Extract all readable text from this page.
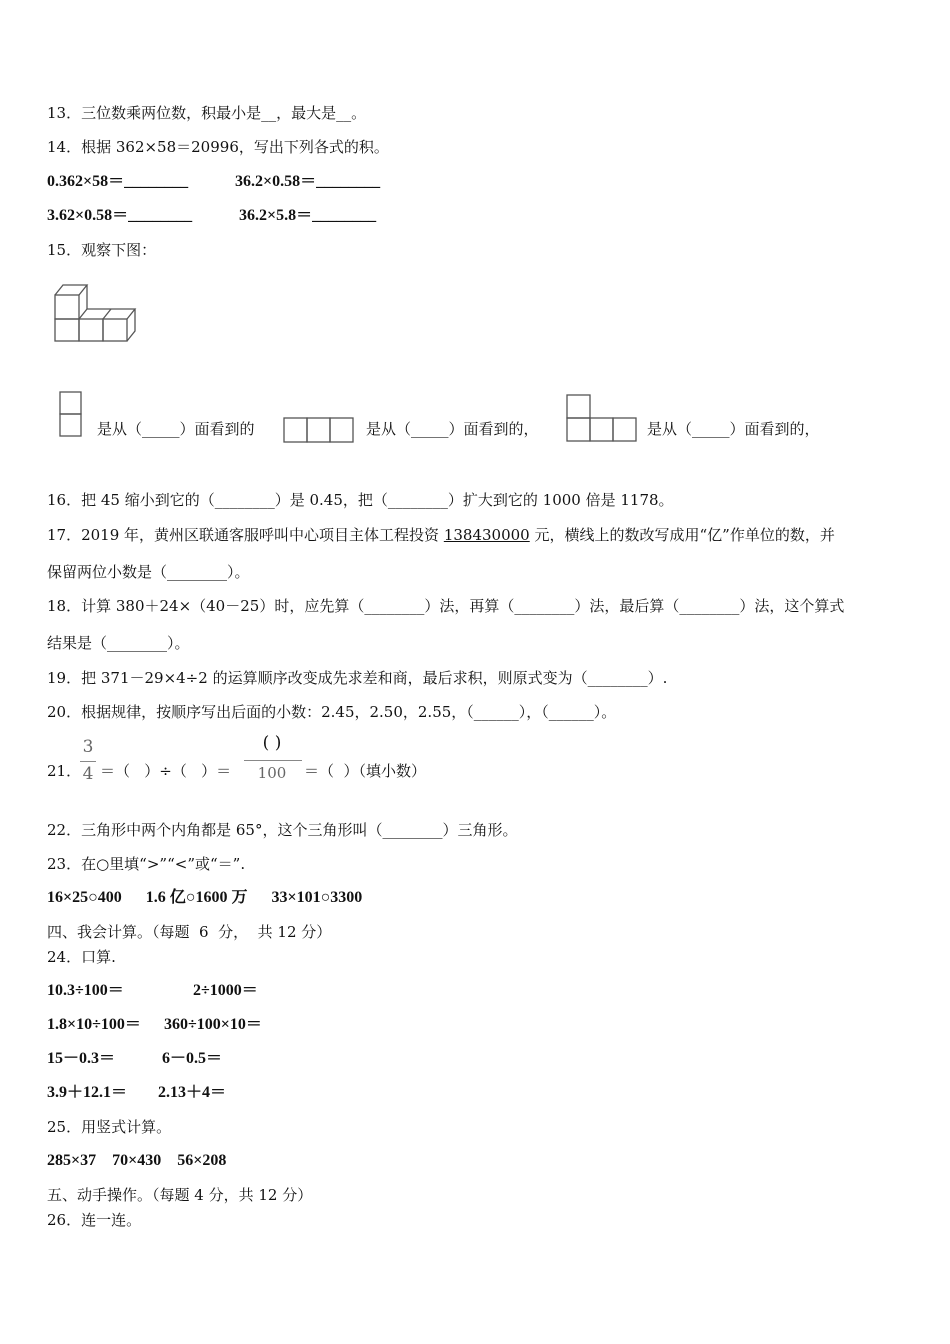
13．三位数乘两位数，积最小是__，最大是__。
14．根据 362×58＝20996，写出下列各式的积。
0.362×58＝________	36.2×0.58＝________
3.62×0.58＝________	36.2×5.8＝________
15．观察下图：
是从（_____）面看到的	是从（_____）面看到的，	是从（_____）面看到的，
16．把 45 缩小到它的（________）是 0.45，把（________）扩大到它的 1000 倍是 1178。
17．2019 年，黄州区联通客服呼叫中心项目主体工程投资 138430000 元，横线上的数改写成用“亿”作单位的数，并
保留两位小数是（________）。
18．计算 380＋24×（40－25）时，应先算（________）法，再算（________）法，最后算（________）法，这个算式
结果是（________）。
19．把 371－29×4÷2 的运算顺序改变成先求差和商，最后求积，则原式变为（________）.
20．根据规律，按顺序写出后面的小数：2.45，2.50，2.55，（______），（______）。
21．
3
4 ＝（   ）÷（   ）＝
( )
100	＝（  ）（填小数）
22．三角形中两个内角都是 65°，这个三角形叫（________）三角形。
23．在○里填“>”“<”或“＝”.
16×25○400      1.6 亿○1600 万      33×101○3300
四、我会计算。（每题  6  分，  共 12 分）
24．口算.
10.3÷100＝	2÷1000＝
1.8×10÷100＝ 360÷100×10＝
15－0.3＝	6－0.5＝
3.9＋12.1＝ 2.13＋4＝
25．用竖式计算。
285×37    70×430    56×208
五、动手操作。（每题 4 分，共 12 分）
26．连一连。
